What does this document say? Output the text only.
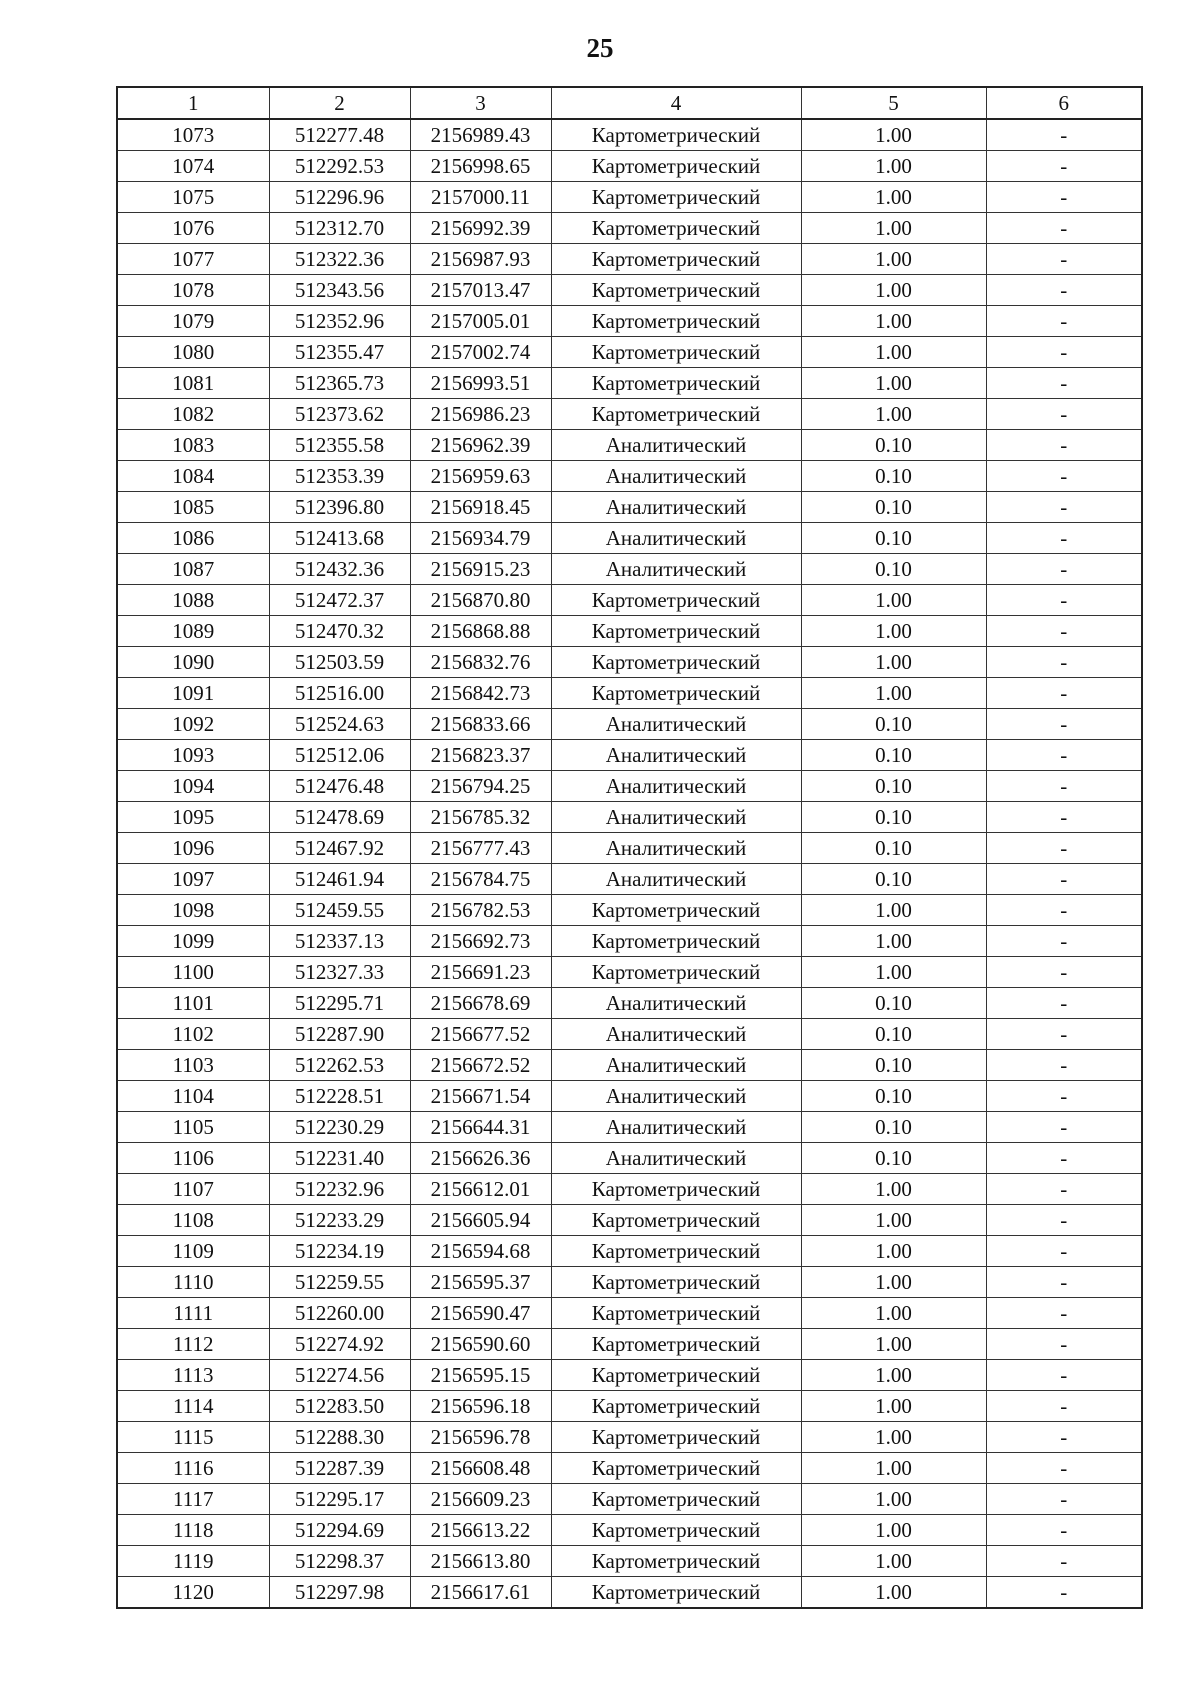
25
1	2	3	4	5	6
1073	512277.48	2156989.43	Картометрический	1.00	-
1074	512292.53	2156998.65	Картометрический	1.00	-
1075	512296.96	2157000.11	Картометрический	1.00	-
1076	512312.70	2156992.39	Картометрический	1.00	-
1077	512322.36	2156987.93	Картометрический	1.00	-
1078	512343.56	2157013.47	Картометрический	1.00	-
1079	512352.96	2157005.01	Картометрический	1.00	-
1080	512355.47	2157002.74	Картометрический	1.00	-
1081	512365.73	2156993.51	Картометрический	1.00	-
1082	512373.62	2156986.23	Картометрический	1.00	-
1083	512355.58	2156962.39	Аналитический	0.10	-
1084	512353.39	2156959.63	Аналитический	0.10	-
1085	512396.80	2156918.45	Аналитический	0.10	-
1086	512413.68	2156934.79	Аналитический	0.10	-
1087	512432.36	2156915.23	Аналитический	0.10	-
1088	512472.37	2156870.80	Картометрический	1.00	-
1089	512470.32	2156868.88	Картометрический	1.00	-
1090	512503.59	2156832.76	Картометрический	1.00	-
1091	512516.00	2156842.73	Картометрический	1.00	-
1092	512524.63	2156833.66	Аналитический	0.10	-
1093	512512.06	2156823.37	Аналитический	0.10	-
1094	512476.48	2156794.25	Аналитический	0.10	-
1095	512478.69	2156785.32	Аналитический	0.10	-
1096	512467.92	2156777.43	Аналитический	0.10	-
1097	512461.94	2156784.75	Аналитический	0.10	-
1098	512459.55	2156782.53	Картометрический	1.00	-
1099	512337.13	2156692.73	Картометрический	1.00	-
1100	512327.33	2156691.23	Картометрический	1.00	-
1101	512295.71	2156678.69	Аналитический	0.10	-
1102	512287.90	2156677.52	Аналитический	0.10	-
1103	512262.53	2156672.52	Аналитический	0.10	-
1104	512228.51	2156671.54	Аналитический	0.10	-
1105	512230.29	2156644.31	Аналитический	0.10	-
1106	512231.40	2156626.36	Аналитический	0.10	-
1107	512232.96	2156612.01	Картометрический	1.00	-
1108	512233.29	2156605.94	Картометрический	1.00	-
1109	512234.19	2156594.68	Картометрический	1.00	-
1110	512259.55	2156595.37	Картометрический	1.00	-
1111	512260.00	2156590.47	Картометрический	1.00	-
1112	512274.92	2156590.60	Картометрический	1.00	-
1113	512274.56	2156595.15	Картометрический	1.00	-
1114	512283.50	2156596.18	Картометрический	1.00	-
1115	512288.30	2156596.78	Картометрический	1.00	-
1116	512287.39	2156608.48	Картометрический	1.00	-
1117	512295.17	2156609.23	Картометрический	1.00	-
1118	512294.69	2156613.22	Картометрический	1.00	-
1119	512298.37	2156613.80	Картометрический	1.00	-
1120	512297.98	2156617.61	Картометрический	1.00	-
